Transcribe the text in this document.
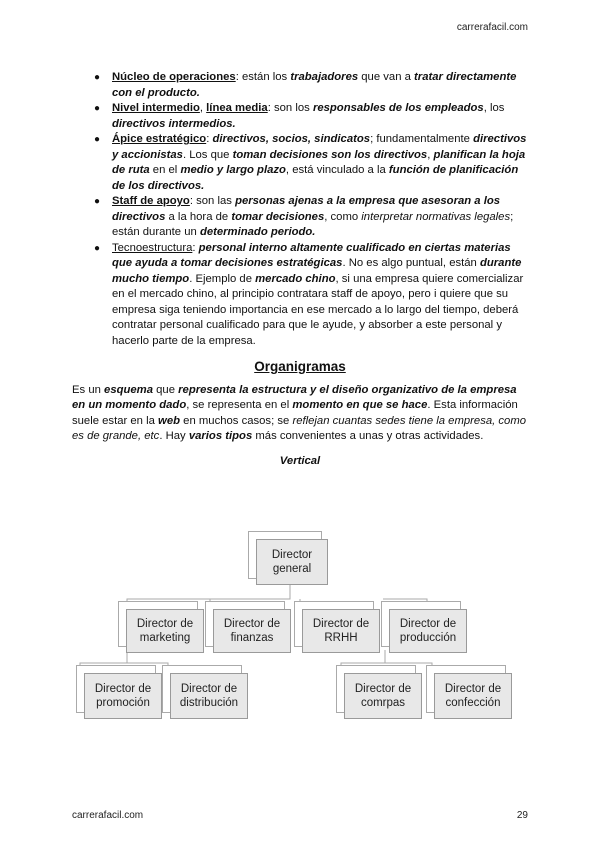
carrerafacil.com
● Núcleo de operaciones: están los trabajadores que van a tratar directamente con el producto.
● Nivel intermedio, línea media: son los responsables de los empleados, los directivos intermedios.
● Ápice estratégico: directivos, socios, sindicatos; fundamentalmente directivos y accionistas. Los que toman decisiones son los directivos, planifican la hoja de ruta en el medio y largo plazo, está vinculado a la función de planificación de los directivos.
● Staff de apoyo: son las personas ajenas a la empresa que asesoran a los directivos a la hora de tomar decisiones, como interpretar normativas legales; están durante un determinado periodo.
● Tecnoestructura: personal interno altamente cualificado en ciertas materias que ayuda a tomar decisiones estratégicas. No es algo puntual, están durante mucho tiempo. Ejemplo de mercado chino, si una empresa quiere comercializar en el mercado chino, al principio contratara staff de apoyo, pero i quiere que su empresa siga teniendo importancia en ese mercado a lo largo del tiempo, deberá contratar personal cualificado para que le ayude, y absorber a este personal y hacerlo parte de la empresa.
Organigramas

Es un esquema que representa la estructura y el diseño organizativo de la empresa en un momento dado, se representa en el momento en que se hace. Esta información suele estar en la web en muchos casos; se reflejan cuantas sedes tiene la empresa, como es de grande, etc. Hay varios tipos más convenientes a unas y otras actividades.

Vertical
Director general
Director de marketing
Director de finanzas
Director de RRHH
Director de producción
Director de promoción
Director de distribución
Director de comrpas
Director de confección
carrerafacil.com	29
